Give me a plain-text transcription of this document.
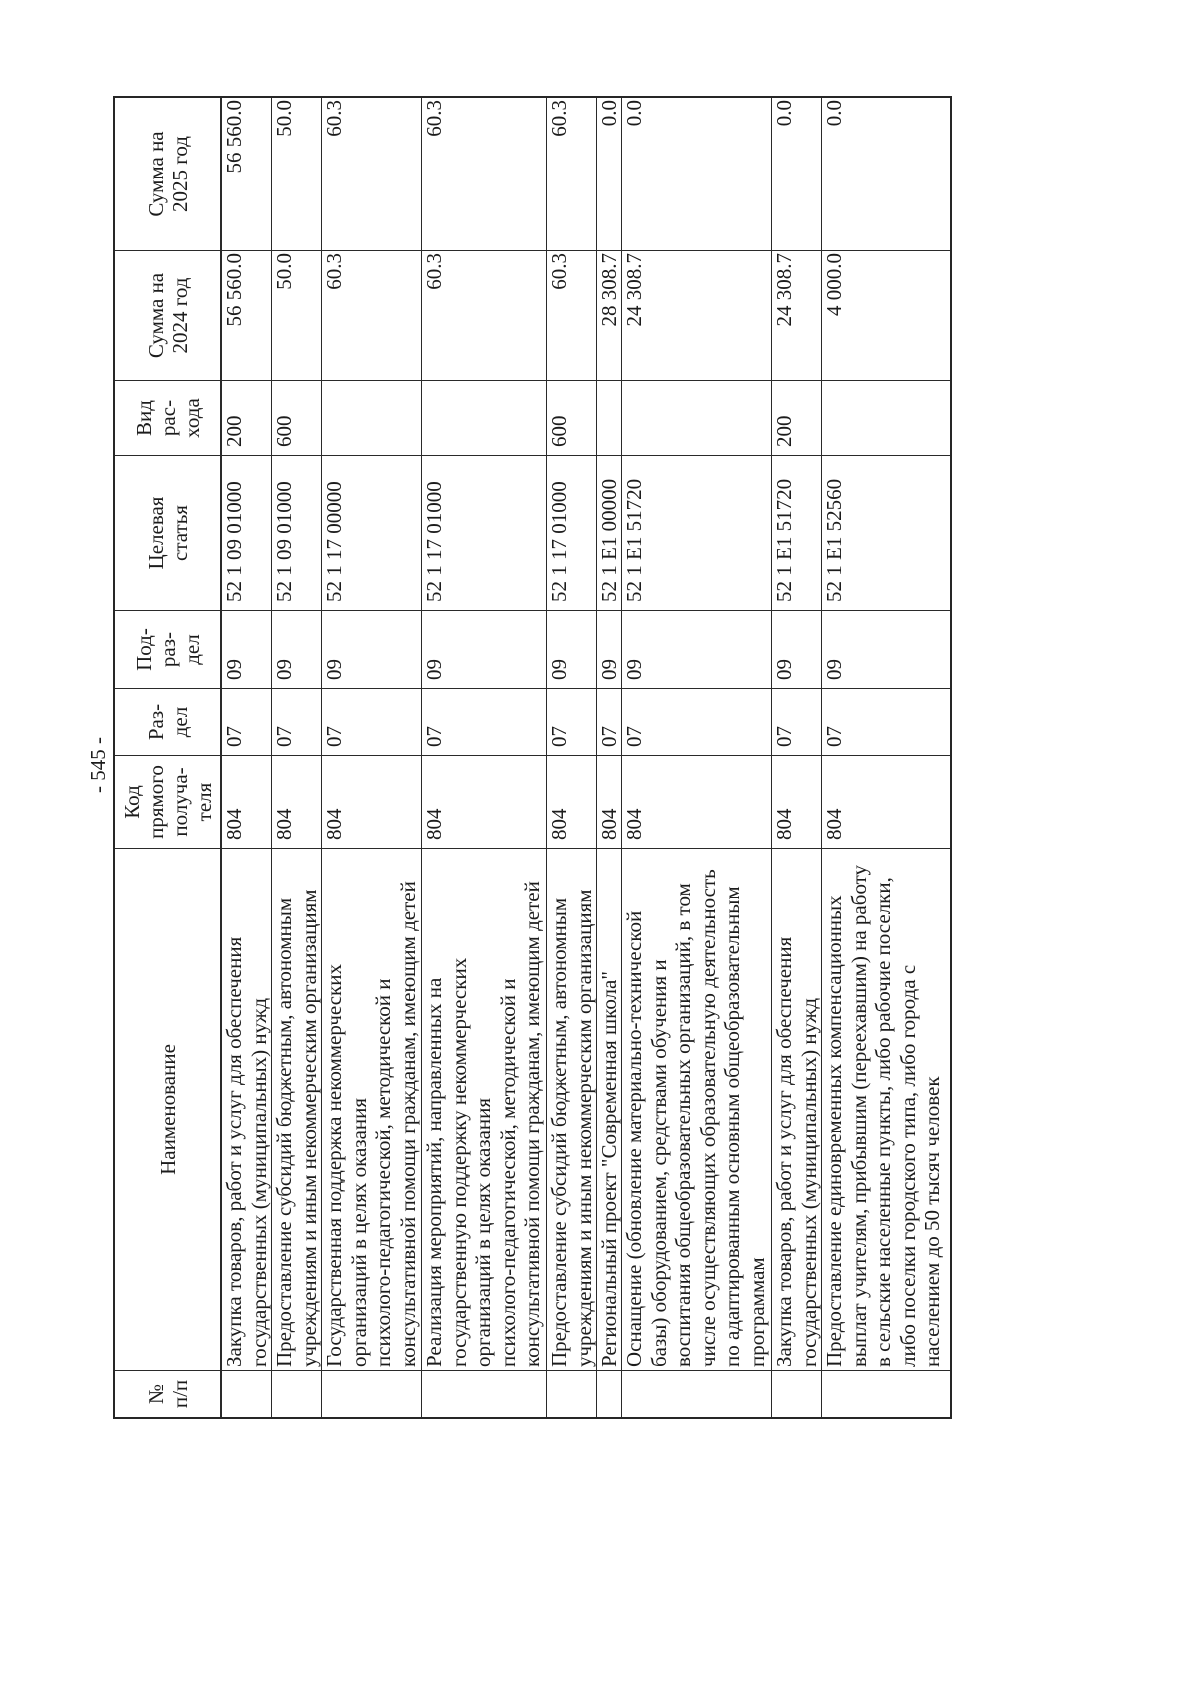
- 545 -
№
п/п
Наименование
Код
прямого
получа-
теля
Раз-
дел
Под-
раз-
дел
Целевая
статья
Вид
рас-
хода
Сумма на
2024 год
Сумма на
2025 год
Закупка товаров, работ и услуг для обеспечения
государственных (муниципальных) нужд
804
07
09
52 1 09 01000
200
56 560.0
56 560.0
Предоставление субсидий бюджетным, автономным
учреждениям и иным некоммерческим организациям
804
07
09
52 1 09 01000
600
50.0
50.0
Государственная поддержка некоммерческих
организаций в целях оказания
психолого-педагогической, методической и
консультативной помощи гражданам, имеющим детей
804
07
09
52 1 17 00000
60.3
60.3
Реализация мероприятий, направленных на
государственную поддержку некоммерческих
организаций в целях оказания
психолого-педагогической, методической и
консультативной помощи гражданам, имеющим детей
804
07
09
52 1 17 01000
60.3
60.3
Предоставление субсидий бюджетным, автономным
учреждениям и иным некоммерческим организациям
804
07
09
52 1 17 01000
600
60.3
60.3
Региональный проект "Современная школа"
804
07
09
52 1 E1 00000
28 308.7
0.0
Оснащение (обновление материально-технической
базы) оборудованием, средствами обучения и
воспитания общеобразовательных организаций, в том
числе осуществляющих образовательную деятельность
по адаптированным основным общеобразовательным
программам
804
07
09
52 1 E1 51720
24 308.7
0.0
Закупка товаров, работ и услуг для обеспечения
государственных (муниципальных) нужд
804
07
09
52 1 E1 51720
200
24 308.7
0.0
Предоставление единовременных компенсационных
выплат учителям, прибывшим (переехавшим) на работу
в сельские населенные пункты, либо рабочие поселки,
либо поселки городского типа, либо города с
населением до 50 тысяч человек
804
07
09
52 1 E1 52560
4 000.0
0.0
